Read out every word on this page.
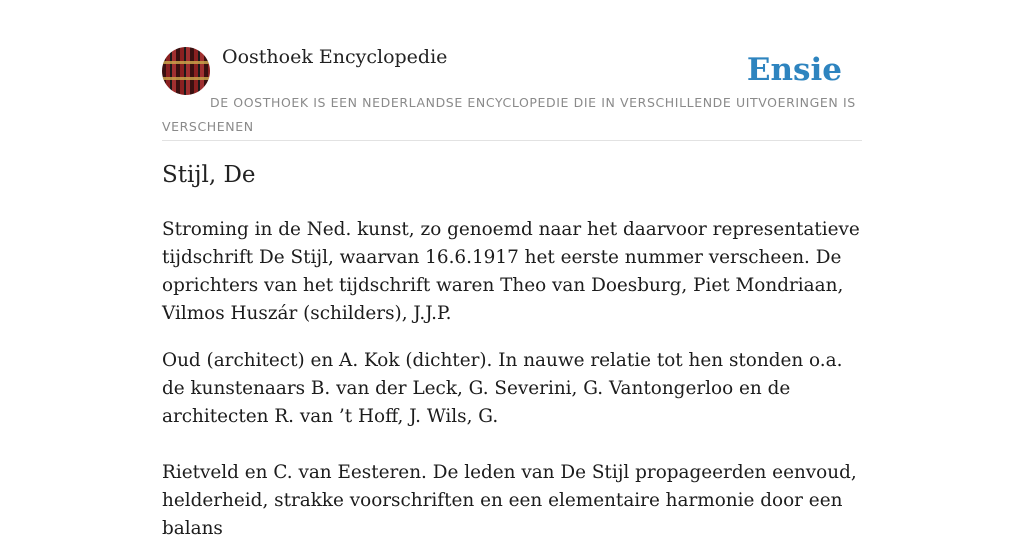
Oosthoek Encyclopedie	Ensie
DE OOSTHOEK IS EEN NEDERLANDSE ENCYCLOPEDIE DIE IN VERSCHILLENDE UITVOERINGEN IS VERSCHENEN
Stijl, De

Stroming in de Ned. kunst, zo genoemd naar het daarvoor representatieve tijdschrift De Stijl, waarvan 16.6.1917 het eerste nummer verscheen. De oprichters van het tijdschrift waren Theo van Doesburg, Piet Mondriaan, Vilmos Huszár (schilders), J.J.P.

Oud (architect) en A. Kok (dichter). In nauwe relatie tot hen stonden o.a. de kunstenaars B. van der Leck, G. Severini, G. Vantongerloo en de architecten R. van ’t Hoff, J. Wils, G.

Rietveld en C. van Eesteren. De leden van De Stijl propageerden eenvoud, helderheid, strakke voorschriften en een elementaire harmonie door een balans
